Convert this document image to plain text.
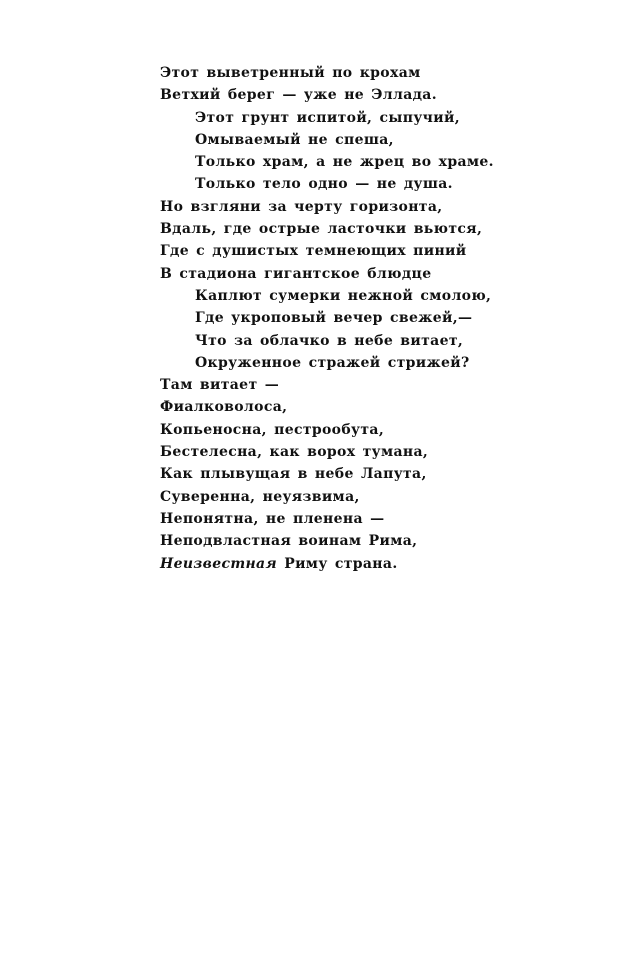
Этот выветренный по крохам
Ветхий берег — уже не Эллада.
Этот грунт испитой, сыпучий,
Омываемый не спеша,
Только храм, а не жрец во храме.
Только тело одно — не душа.
Но взгляни за черту горизонта,
Вдаль, где острые ласточки вьются,
Где с душистых темнеющих пиний
В стадиона гигантское блюдце
Каплют сумерки нежной смолою,
Где укроповый вечер свежей,—
Что за облачко в небе витает,
Окруженное стражей стрижей?
Там витает —
Фиалковолоса,
Копьеносна, пестрообута,
Бестелесна, как ворох тумана,
Как плывущая в небе Лапута,
Суверенна, неуязвима,
Непонятна, не пленена —
Неподвластная воинам Рима,
Неизвестная Риму страна.
